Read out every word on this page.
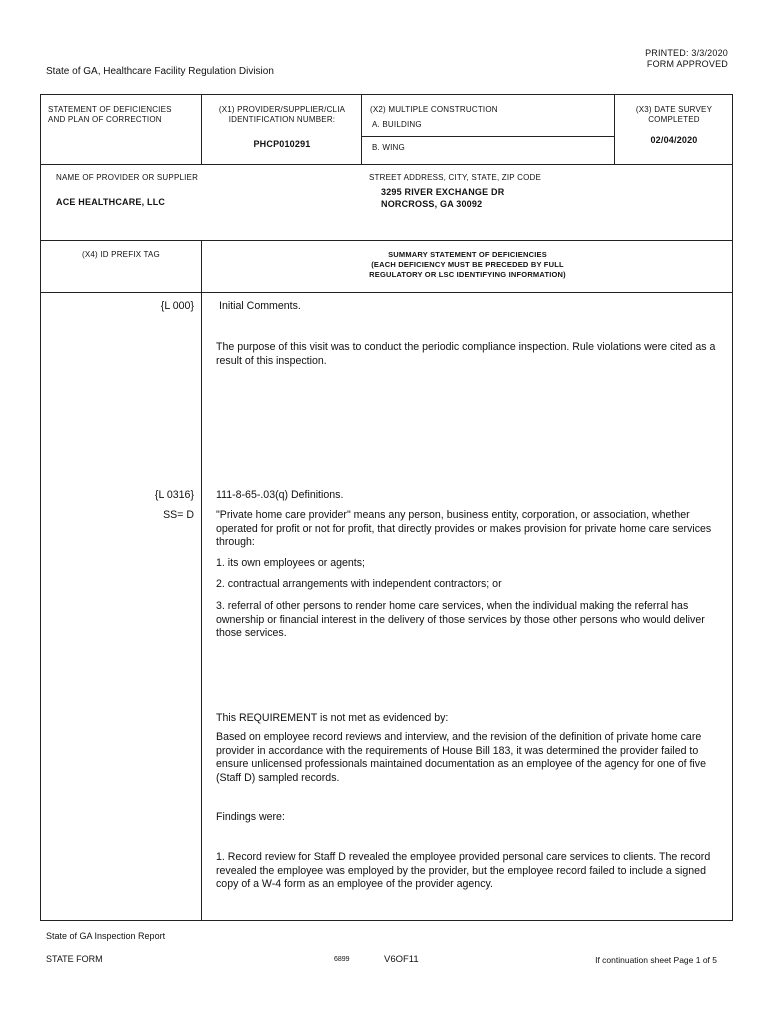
PRINTED: 3/3/2020
FORM APPROVED
State of GA, Healthcare Facility Regulation Division
STATEMENT OF DEFICIENCIES
AND PLAN OF CORRECTION
(X1) PROVIDER/SUPPLIER/CLIA
IDENTIFICATION NUMBER:
PHCP010291
(X2) MULTIPLE CONSTRUCTION
A. BUILDING
B. WING
(X3) DATE SURVEY
COMPLETED
02/04/2020
NAME OF PROVIDER OR SUPPLIER
ACE HEALTHCARE, LLC
STREET ADDRESS, CITY, STATE, ZIP CODE
3295 RIVER EXCHANGE DR
NORCROSS, GA 30092
(X4) ID PREFIX TAG	SUMMARY STATEMENT OF DEFICIENCIES
(EACH DEFICIENCY MUST BE PRECEDED BY FULL
REGULATORY OR LSC IDENTIFYING INFORMATION)
{L 000} Initial Comments.
The purpose of this visit was to conduct the periodic compliance inspection. Rule violations were cited as a result of this inspection.
{L 0316}
SS= D
111-8-65-.03(q) Definitions.
"Private home care provider" means any person, business entity, corporation, or association, whether operated for profit or not for profit, that directly provides or makes provision for private home care services through:
1. its own employees or agents;
2. contractual arrangements with independent contractors; or
3. referral of other persons to render home care services, when the individual making the referral has ownership or financial interest in the delivery of those services by those other persons who would deliver those services.
This REQUIREMENT is not met as evidenced by:
Based on employee record reviews and interview, and the revision of the definition of private home care provider in accordance with the requirements of House Bill 183, it was determined the provider failed to ensure unlicensed professionals maintained documentation as an employee of the agency for one of five (Staff D) sampled records.
Findings were:
1. Record review for Staff D revealed the employee provided personal care services to clients. The record revealed the employee was employed by the provider, but the employee record failed to include a signed copy of a W-4 form as an employee of the provider agency.
State of GA Inspection Report
STATE FORM	6899	V6OF11	If continuation sheet Page 1 of 5
